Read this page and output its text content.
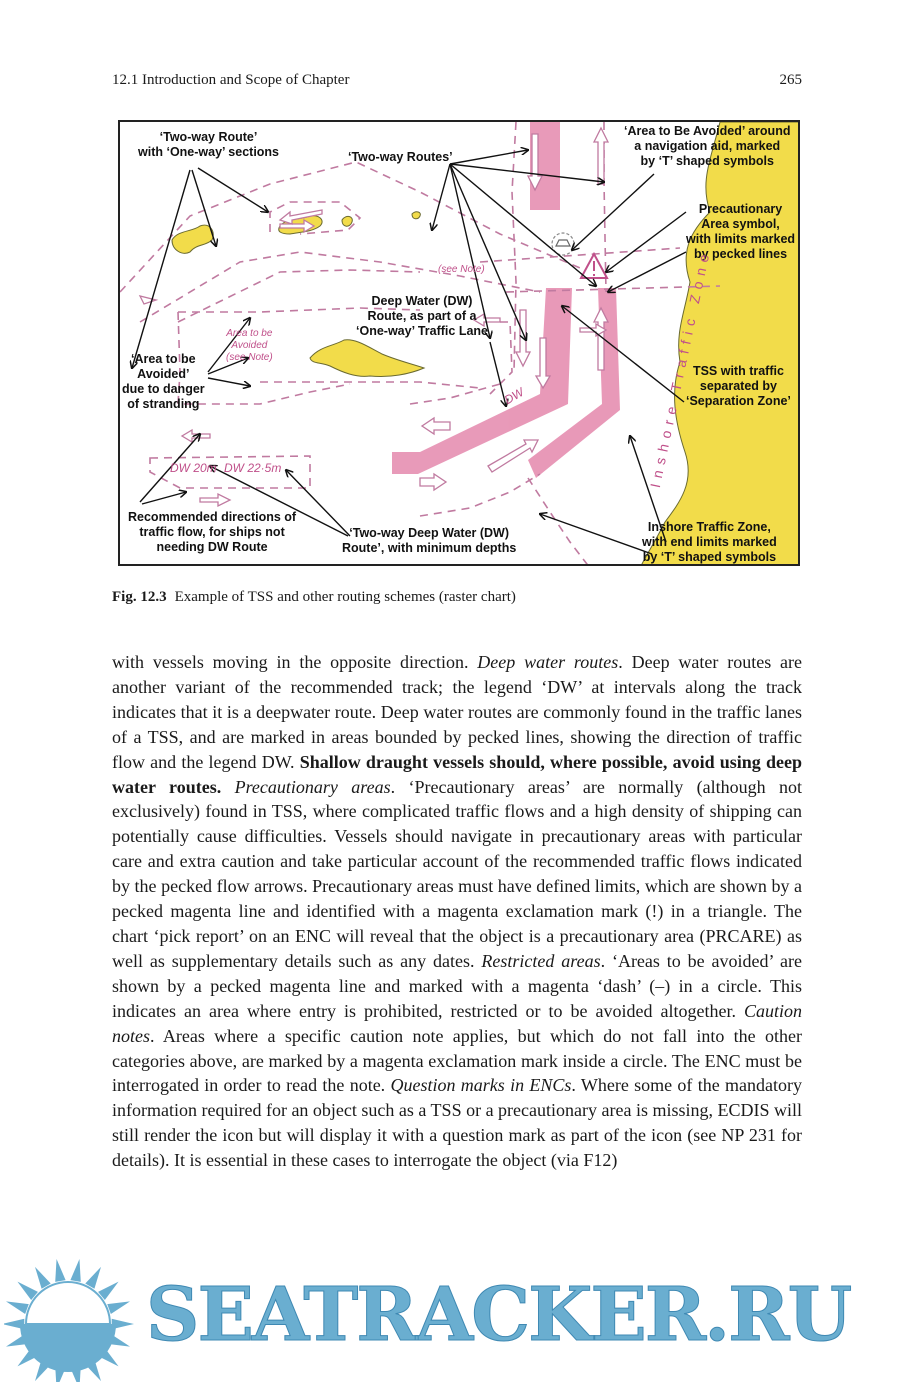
12.1 Introduction and Scope of Chapter	265
‘Two-way Route’
with ‘One-way’ sections	‘Two-way Routes’
‘Area to Be Avoided’ around
a navigation aid, marked
by ‘T’ shaped symbols
Precautionary
Area symbol,
with limits marked
by pecked lines
Deep Water (DW)
Route, as part of a
‘One-way’ Traffic Lane
‘Area to be
Avoided’
due to danger
of stranding
TSS with traffic
separated by
‘Separation Zone’
Recommended directions of
traffic flow, for ships not
needing DW Route
‘Two-way Deep Water (DW)
Route’, with minimum depths
Inshore Traffic Zone,
with end limits marked
by ‘T’ shaped symbols
Area to be
Avoided
(see Note)
(see Note)
DW 20m DW 22·5m
DW	Inshore Traffic Zone
Fig. 12.3 Example of TSS and other routing schemes (raster chart)

with vessels moving in the opposite direction. Deep water routes. Deep water routes are another variant of the recommended track; the legend ‘DW’ at intervals along the track indicates that it is a deepwater route. Deep water routes are commonly found in the traffic lanes of a TSS, and are marked in areas bounded by pecked lines, showing the direction of traffic flow and the legend DW. Shallow draught vessels should, where possible, avoid using deep water routes. Precautionary areas. ‘Precautionary areas’ are normally (although not exclusively) found in TSS, where complicated traffic flows and a high density of shipping can potentially cause difficulties. Vessels should navigate in precautionary areas with particular care and extra caution and take particular account of the recommended traffic flows indicated by the pecked flow arrows. Precautionary areas must have defined limits, which are shown by a pecked magenta line and identified with a magenta exclamation mark (!) in a triangle. The chart ‘pick report’ on an ENC will reveal that the object is a precautionary area (PRCARE) as well as supplementary details such as any dates. Restricted areas. ‘Areas to be avoided’ are shown by a pecked magenta line and marked with a magenta ‘dash’ (–) in a circle. This indicates an area where entry is prohibited, restricted or to be avoided altogether. Caution notes. Areas where a specific caution note applies, but which do not fall into the other categories above, are marked by a magenta exclamation mark inside a circle. The ENC must be interrogated in order to read the note. Question marks in ENCs. Where some of the mandatory information required for an object such as a TSS or a precautionary area is missing, ECDIS will still render the icon but will display it with a question mark as part of the icon (see NP 231 for details). It is essential in these cases to interrogate the object (via F12)

SEATRACKER.RU
